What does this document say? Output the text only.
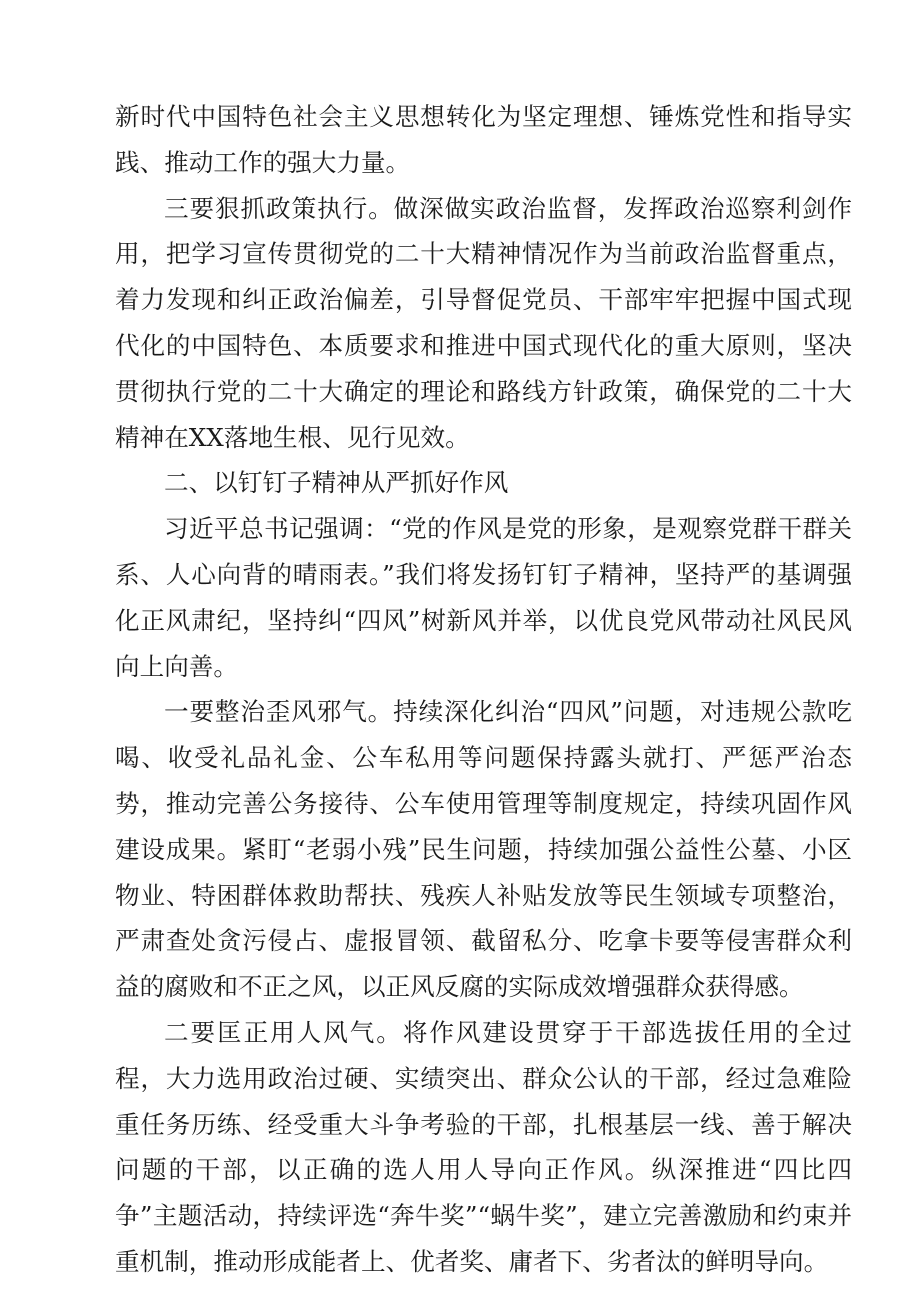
新时代中国特色社会主义思想转化为坚定理想、锤炼党性和指导实践、推动工作的强大力量。

三要狠抓政策执行。做深做实政治监督，发挥政治巡察利剑作用，把学习宣传贯彻党的二十大精神情况作为当前政治监督重点，着力发现和纠正政治偏差，引导督促党员、干部牢牢把握中国式现代化的中国特色、本质要求和推进中国式现代化的重大原则，坚决贯彻执行党的二十大确定的理论和路线方针政策，确保党的二十大精神在XX落地生根、见行见效。

二、以钉钉子精神从严抓好作风

习近平总书记强调：“党的作风是党的形象，是观察党群干群关系、人心向背的晴雨表。”我们将发扬钉钉子精神，坚持严的基调强化正风肃纪，坚持纠“四风”树新风并举，以优良党风带动社风民风向上向善。

一要整治歪风邪气。持续深化纠治“四风”问题，对违规公款吃喝、收受礼品礼金、公车私用等问题保持露头就打、严惩严治态势，推动完善公务接待、公车使用管理等制度规定，持续巩固作风建设成果。紧盯“老弱小残”民生问题，持续加强公益性公墓、小区物业、特困群体救助帮扶、残疾人补贴发放等民生领域专项整治，严肃查处贪污侵占、虚报冒领、截留私分、吃拿卡要等侵害群众利益的腐败和不正之风，以正风反腐的实际成效增强群众获得感。

二要匡正用人风气。将作风建设贯穿于干部选拔任用的全过程，大力选用政治过硬、实绩突出、群众公认的干部，经过急难险重任务历练、经受重大斗争考验的干部，扎根基层一线、善于解决问题的干部，以正确的选人用人导向正作风。纵深推进“四比四争”主题活动，持续评选“奔牛奖”“蜗牛奖”，建立完善激励和约束并重机制，推动形成能者上、优者奖、庸者下、劣者汰的鲜明导向。
